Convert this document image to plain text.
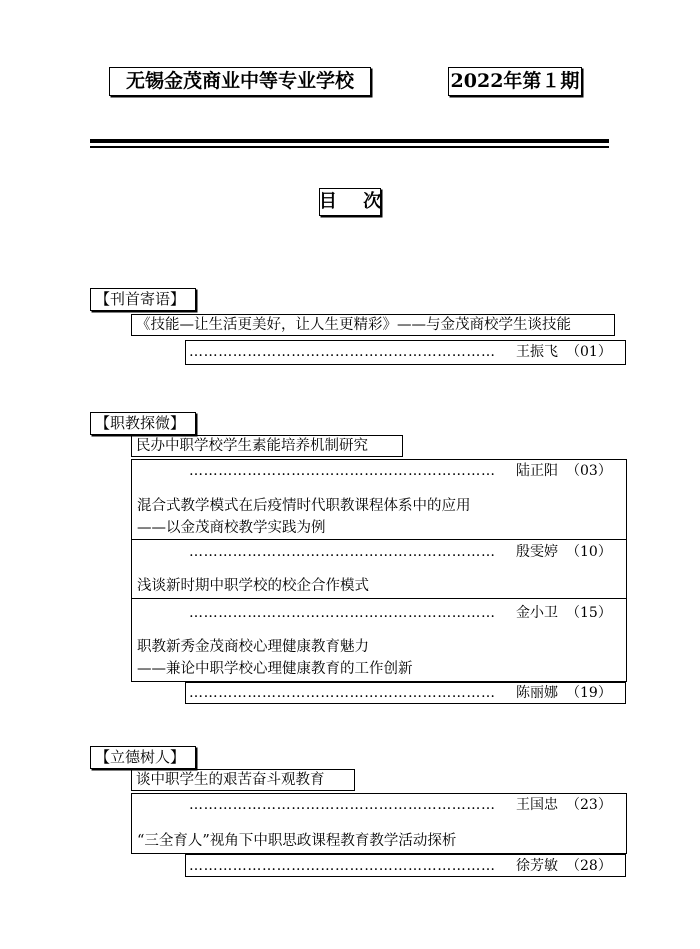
无锡金茂商业中等专业学校	2022年第１期
目 次
【刊首寄语】
《技能—让生活更美好，让人生更精彩》——与金茂商校学生谈技能
………………………………………………………	王振飞 （01）
【职教探微】
民办中职学校学生素能培养机制研究
………………………………………………………	陆正阳 （03）
混合式教学模式在后疫情时代职教课程体系中的应用
——以金茂商校教学实践为例
………………………………………………………	殷雯婷 （10）
浅谈新时期中职学校的校企合作模式
………………………………………………………	金小卫 （15）
职教新秀金茂商校心理健康教育魅力
——兼论中职学校心理健康教育的工作创新
………………………………………………………	陈丽娜 （19）
【立德树人】
谈中职学生的艰苦奋斗观教育
………………………………………………………	王国忠 （23）
“三全育人”视角下中职思政课程教育教学活动探析
………………………………………………………	徐芳敏 （28）
